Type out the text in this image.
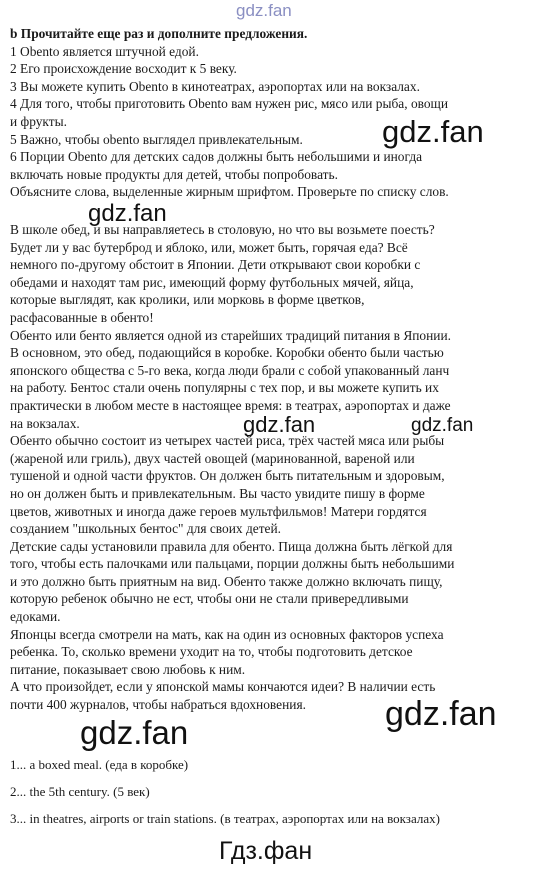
gdz.fan
b Прочитайте еще раз и дополните предложения.
1 Obento является штучной едой.
2 Его происхождение восходит к 5 веку.
3 Вы можете купить Obento в кинотеатрах, аэропортах или на вокзалах.
4 Для того, чтобы приготовить Obento вам нужен рис, мясо или рыба, овощи
и фрукты.
5 Важно, чтобы obento выглядел привлекательным.
6 Порции Obento для детских садов должны быть небольшими и иногда
включать новые продукты для детей, чтобы попробовать.
Объясните слова, выделенные жирным шрифтом. Проверьте по списку слов.
В школе обед, и вы направляетесь в столовую, но что вы возьмете поесть?
Будет ли у вас бутерброд и яблоко, или, может быть, горячая еда? Всё
немного по-другому обстоит в Японии. Дети открывают свои коробки с
обедами и находят там рис, имеющий форму футбольных мячей, яйца,
которые выглядят, как кролики, или морковь в форме цветков,
расфасованные в обенто!
Обенто или бенто является одной из старейших традиций питания в Японии.
В основном, это обед, подающийся в коробке. Коробки обенто были частью
японского общества с 5-го века, когда люди брали с собой упакованный ланч
на работу. Бентос стали очень популярны с тех пор, и вы можете купить их
практически в любом месте в настоящее время: в театрах, аэропортах и даже
на вокзалах.
Обенто обычно состоит из четырех частей риса, трёх частей мяса или рыбы
(жареной или гриль), двух частей овощей (маринованной, вареной или
тушеной и одной части фруктов. Он должен быть питательным и здоровым,
но он должен быть и привлекательным. Вы часто увидите пишу в форме
цветов, животных и иногда даже героев мультфильмов! Матери гордятся
созданием "школьных бентос" для своих детей.
Детские сады установили правила для обенто. Пища должна быть лёгкой для
того, чтобы есть палочками или пальцами, порции должны быть небольшими
и это должно быть приятным на вид. Обенто также должно включать пищу,
которую ребенок обычно не ест, чтобы они не стали привередливыми
едоками.
Японцы всегда смотрели на мать, как на один из основных факторов успеха
ребенка. То, сколько времени уходит на то, чтобы подготовить детское
питание, показывает свою любовь к ним.
А что произойдет, если у японской мамы кончаются идеи? В наличии есть
почти 400 журналов, чтобы набраться вдохновения.
1... a boxed meal. (еда в коробке)
2... the 5th century. (5 век)
3... in theatres, airports or train stations. (в театрах, аэропортах или на вокзалах)
gdz.fan
gdz.fan
gdz.fan	gdz.fan
gdz.fan
gdz.fan
Гдз.фан
